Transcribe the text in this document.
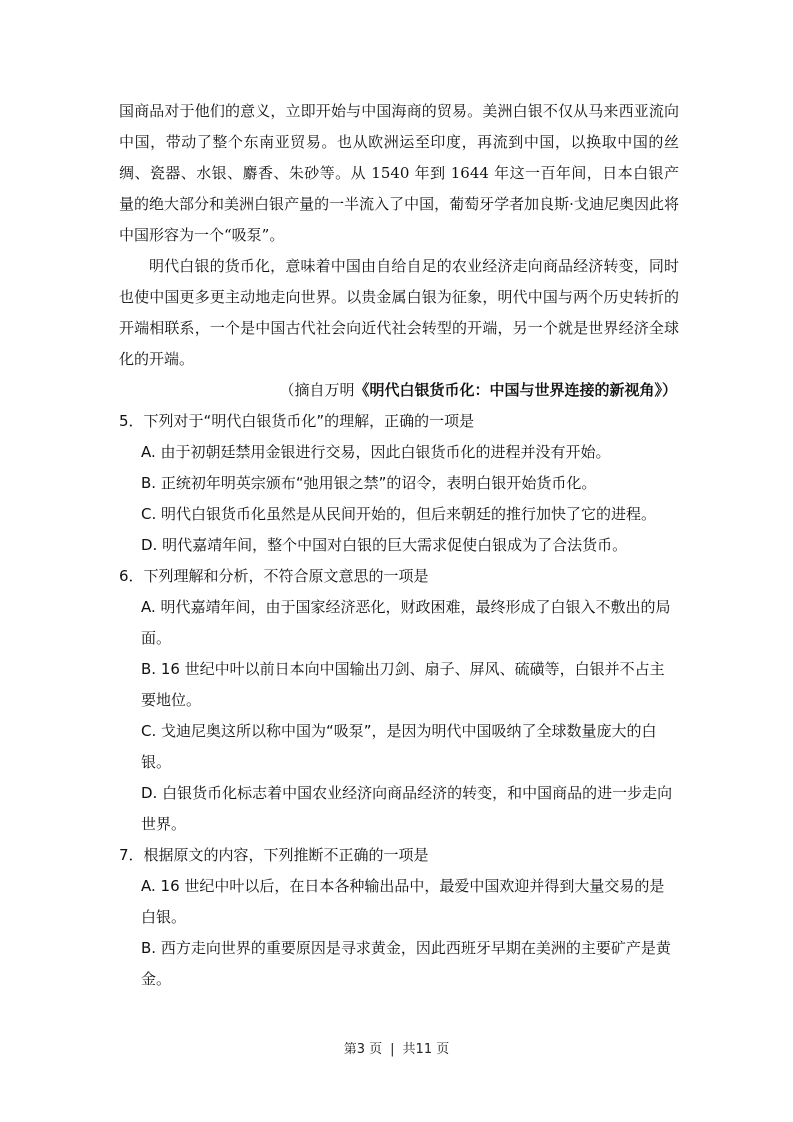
国商品对于他们的意义，立即开始与中国海商的贸易。美洲白银不仅从马来西亚流向中国，带动了整个东南亚贸易。也从欧洲运至印度，再流到中国，以换取中国的丝绸、瓷器、水银、麝香、朱砂等。从 1540 年到 1644 年这一百年间，日本白银产量的绝大部分和美洲白银产量的一半流入了中国，葡萄牙学者加良斯·戈迪尼奥因此将中国形容为一个“吸泵”。

明代白银的货币化，意味着中国由自给自足的农业经济走向商品经济转变，同时也使中国更多更主动地走向世界。以贵金属白银为征象，明代中国与两个历史转折的开端相联系，一个是中国古代社会向近代社会转型的开端，另一个就是世界经济全球化的开端。

（摘自万明《明代白银货币化：中国与世界连接的新视角》）

5．下列对于“明代白银货币化”的理解，正确的一项是

A. 由于初朝廷禁用金银进行交易，因此白银货币化的进程并没有开始。

B. 正统初年明英宗颁布“弛用银之禁”的诏令，表明白银开始货币化。

C. 明代白银货币化虽然是从民间开始的，但后来朝廷的推行加快了它的进程。

D. 明代嘉靖年间，整个中国对白银的巨大需求促使白银成为了合法货币。

6．下列理解和分析，不符合原文意思的一项是

A. 明代嘉靖年间，由于国家经济恶化，财政困难，最终形成了白银入不敷出的局面。

B. 16 世纪中叶以前日本向中国输出刀剑、扇子、屏风、硫磺等，白银并不占主要地位。

C. 戈迪尼奥这所以称中国为“吸泵”，是因为明代中国吸纳了全球数量庞大的白银。

D. 白银货币化标志着中国农业经济向商品经济的转变，和中国商品的进一步走向世界。

7．根据原文的内容，下列推断不正确的一项是

A. 16 世纪中叶以后，在日本各种输出品中，最爱中国欢迎并得到大量交易的是白银。

B. 西方走向世界的重要原因是寻求黄金，因此西班牙早期在美洲的主要矿产是黄金。

第3 页 | 共11 页
